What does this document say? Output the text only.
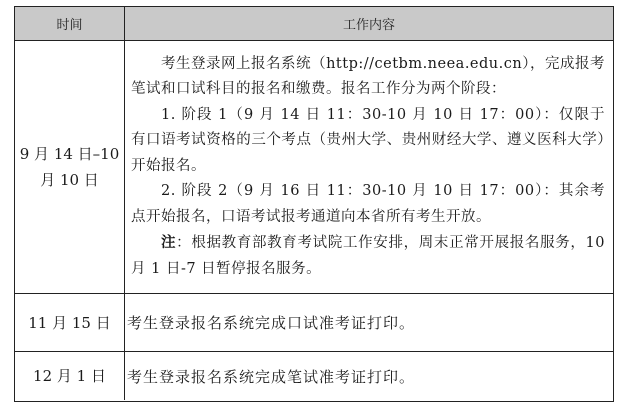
时间	工作内容
9 月 14 日–10 月 10 日

考生登录网上报名系统（http://cetbm.neea.edu.cn），完成报考笔试和口试科目的报名和缴费。报名工作分为两个阶段：

1. 阶段 1（9 月 14 日 11：30-10 月 10 日 17：00）：仅限于有口语考试资格的三个考点（贵州大学、贵州财经大学、遵义医科大学）开始报名。

2. 阶段 2（9 月 16 日 11：30-10 月 10 日 17：00）：其余考点开始报名，口语考试报考通道向本省所有考生开放。

注：根据教育部教育考试院工作安排，周末正常开展报名服务，10 月 1 日-7 日暂停报名服务。

11 月 15 日 考生登录报名系统完成口试准考证打印。
12 月 1 日 考生登录报名系统完成笔试准考证打印。
